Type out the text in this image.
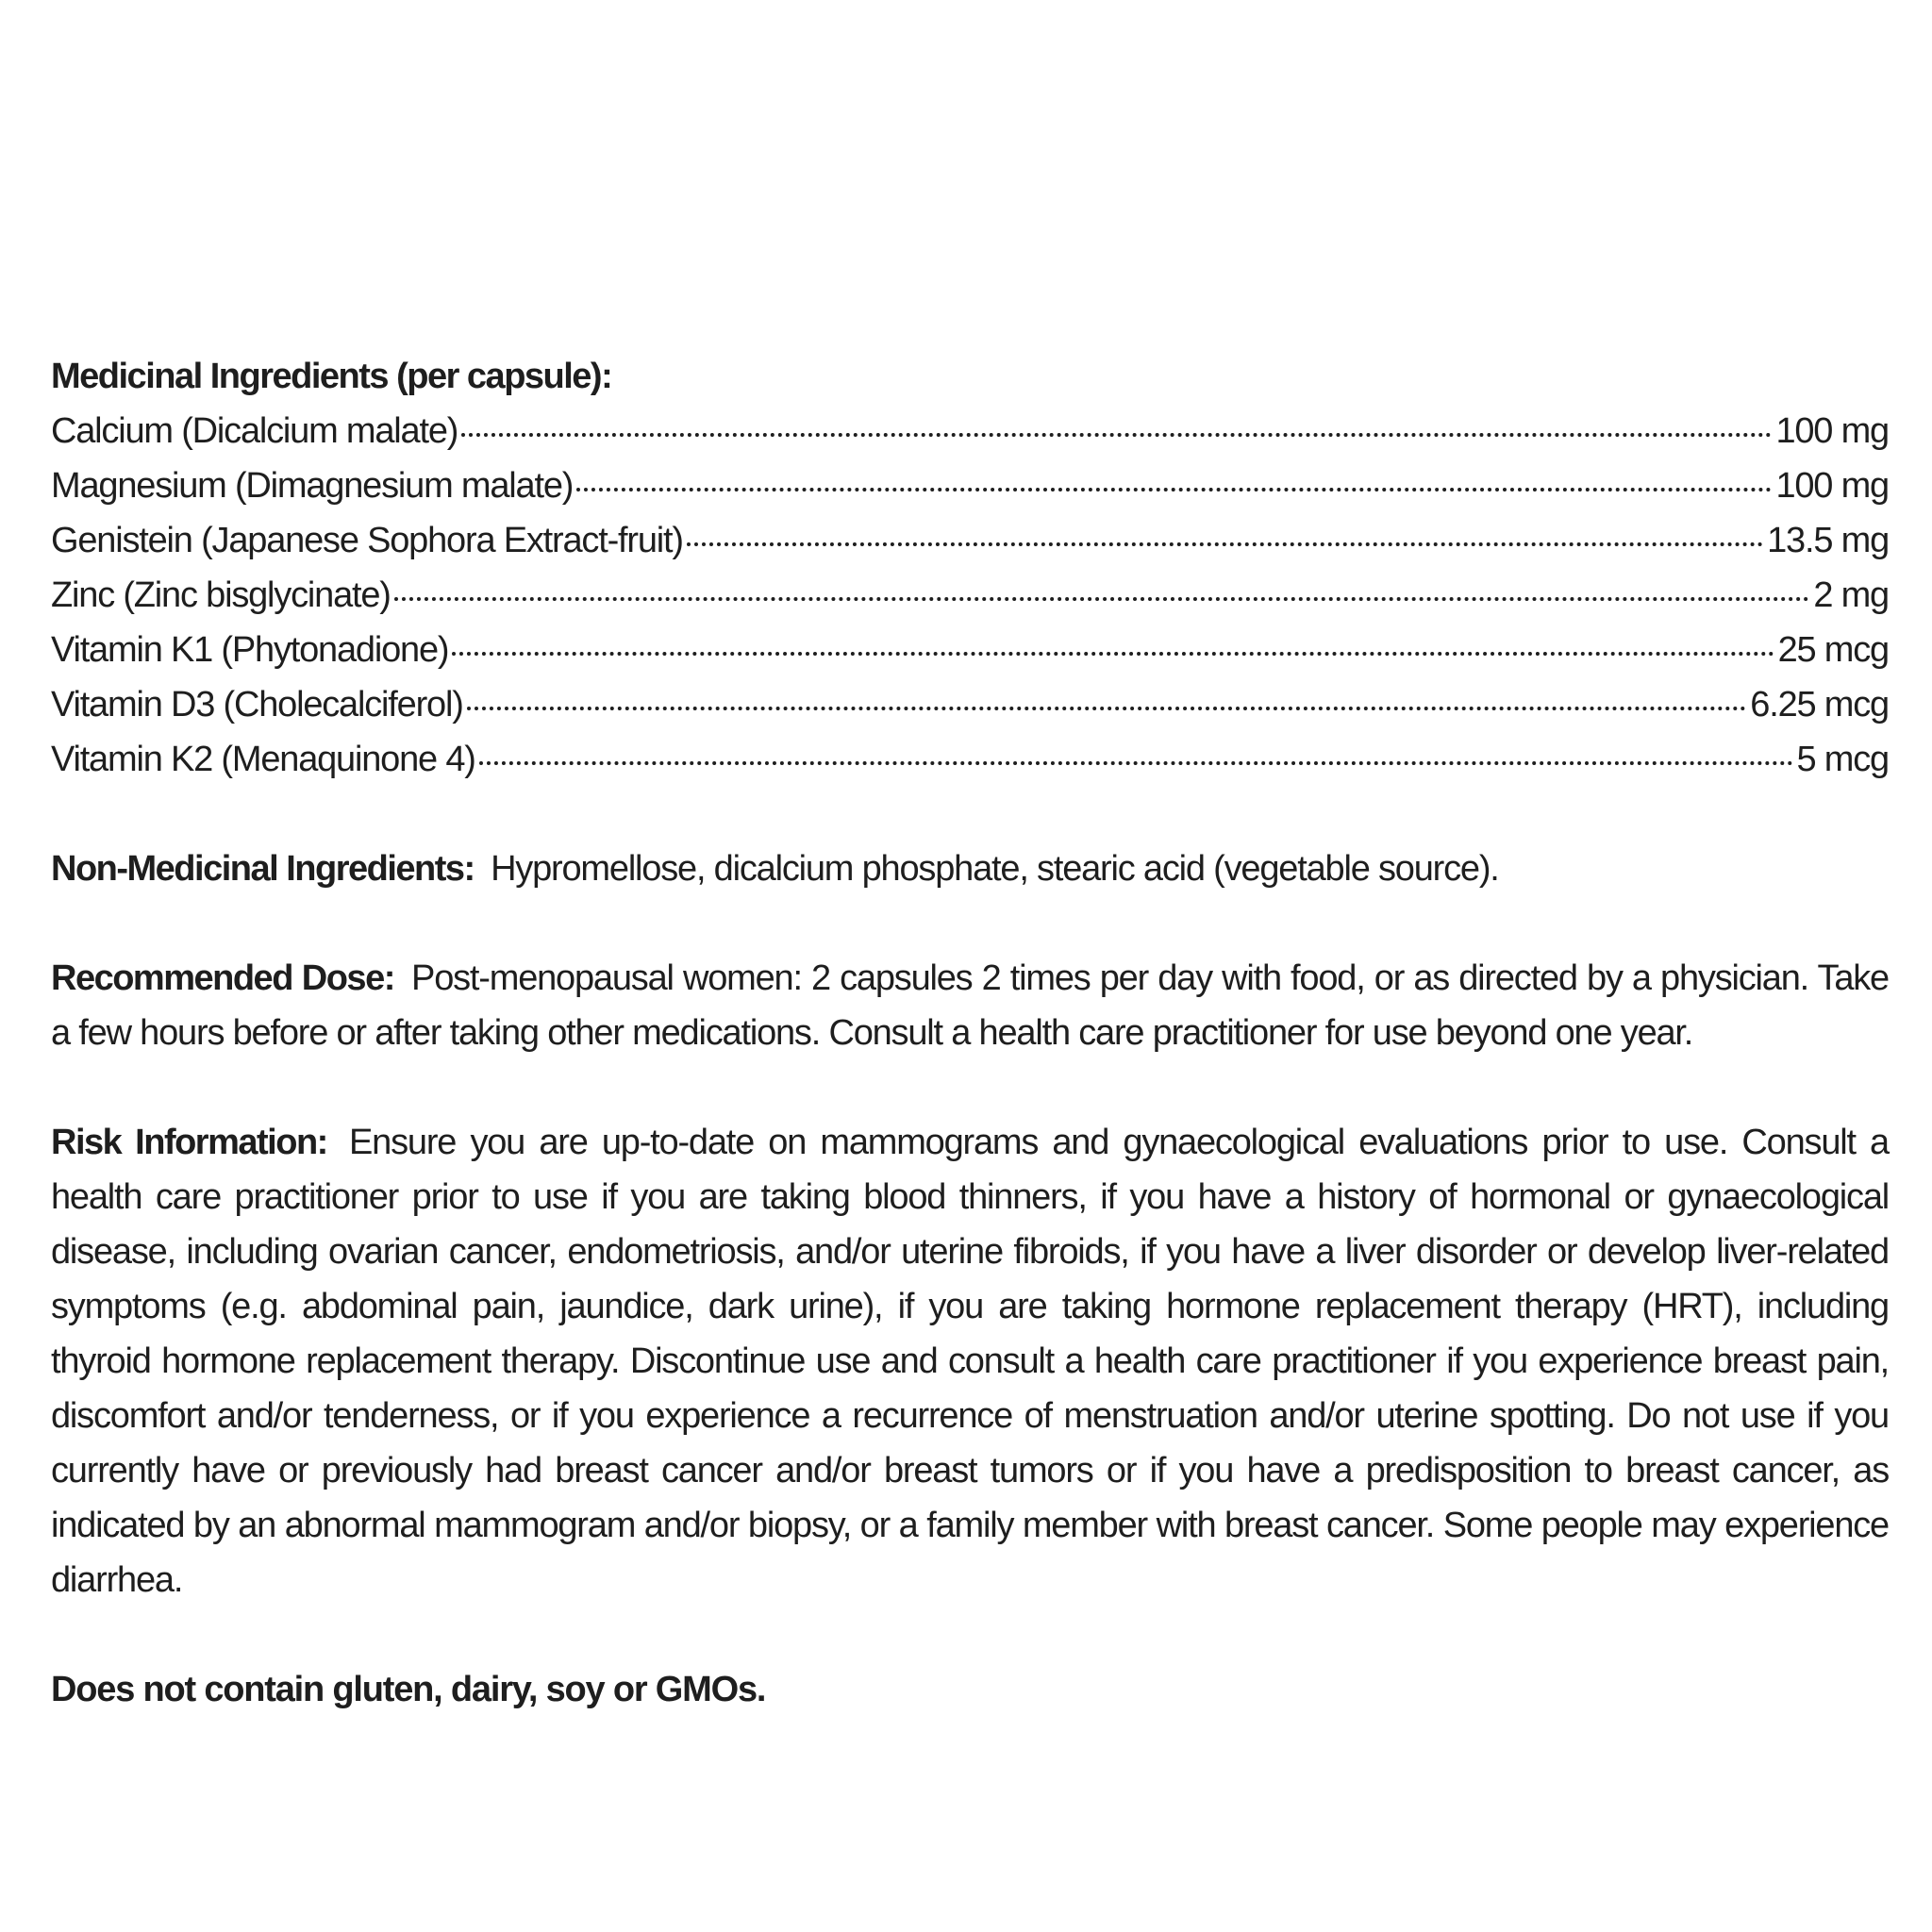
Medicinal Ingredients (per capsule):
Calcium (Dicalcium malate)	100 mg
Magnesium (Dimagnesium malate)	100 mg
Genistein (Japanese Sophora Extract-fruit)	13.5 mg
Zinc (Zinc bisglycinate)	2 mg
Vitamin K1 (Phytonadione)	25 mcg
Vitamin D3 (Cholecalciferol)	6.25 mcg
Vitamin K2 (Menaquinone 4)	5 mcg

Non-Medicinal Ingredients: Hypromellose, dicalcium phosphate, stearic acid (vegetable source).

Recommended Dose: Post-menopausal women: 2 capsules 2 times per day with food, or as directed by a physician. Take a few hours before or after taking other medications. Consult a health care practitioner for use beyond one year.

Risk Information: Ensure you are up-to-date on mammograms and gynaecological evaluations prior to use. Consult a health care practitioner prior to use if you are taking blood thinners, if you have a history of hormonal or gynaecological disease, including ovarian cancer, endometriosis, and/or uterine fibroids, if you have a liver disorder or develop liver-related symptoms (e.g. abdominal pain, jaundice, dark urine), if you are taking hormone replacement therapy (HRT), including thyroid hormone replacement therapy. Discontinue use and consult a health care practitioner if you experience breast pain, discomfort and/or tenderness, or if you experience a recurrence of menstruation and/or uterine spotting. Do not use if you currently have or previously had breast cancer and/or breast tumors or if you have a predisposition to breast cancer, as indicated by an abnormal mammogram and/or biopsy, or a family member with breast cancer. Some people may experience diarrhea.

Does not contain gluten, dairy, soy or GMOs.
